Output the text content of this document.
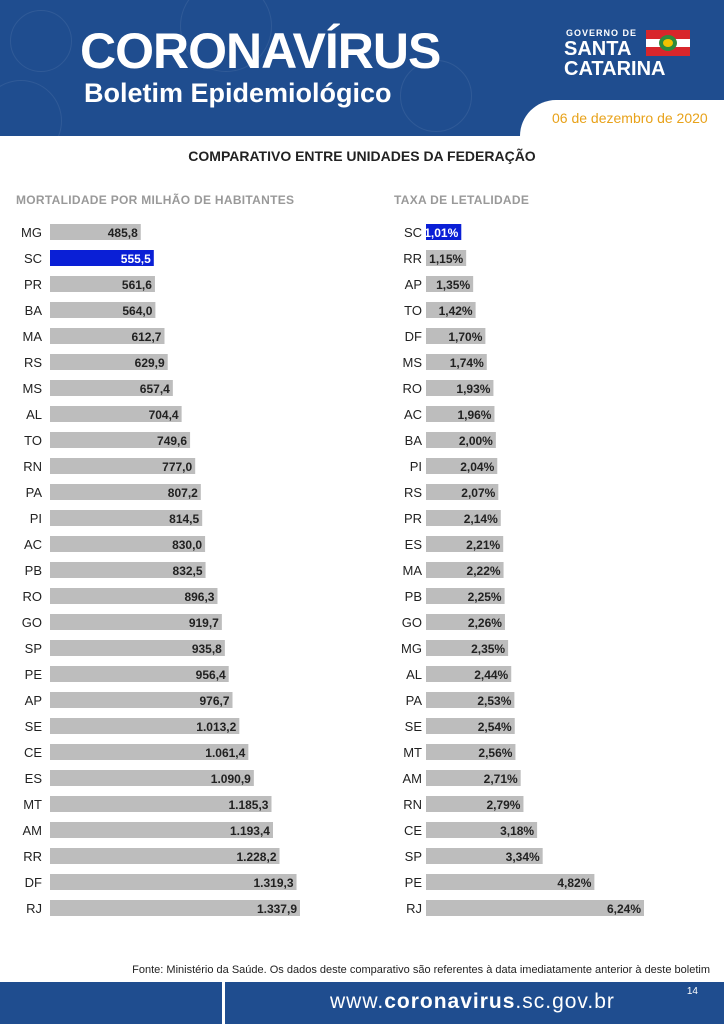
CORONAVÍRUS
Boletim Epidemiológico
GOVERNO DE
SANTA
CATARINA
06 de dezembro de 2020
COMPARATIVO ENTRE UNIDADES DA FEDERAÇÃO
MORTALIDADE POR MILHÃO DE HABITANTES	TAXA DE LETALIDADE
MG	485,8
SC	555,5
PR	561,6
BA	564,0
MA	612,7
RS	629,9
MS	657,4
AL	704,4
TO	749,6
RN	777,0
PA	807,2
PI	814,5
AC	830,0
PB	832,5
RO	896,3
GO	919,7
SP	935,8
PE	956,4
AP	976,7
SE	1.013,2
CE	1.061,4
ES	1.090,9
MT	1.185,3
AM	1.193,4
RR	1.228,2
DF	1.319,3
RJ	1.337,9
SC 1,01%
RR 1,15%
AP 1,35%
TO 1,42%
DF 1,70%
MS 1,74%
RO	1,93%
AC	1,96%
BA	2,00%
PI	2,04%
RS	2,07%
PR	2,14%
ES	2,21%
MA	2,22%
PB	2,25%
GO	2,26%
MG	2,35%
AL	2,44%
PA	2,53%
SE	2,54%
MT	2,56%
AM	2,71%
RN	2,79%
CE	3,18%
SP	3,34%
PE	4,82%
RJ	6,24%
Fonte: Ministério da Saúde. Os dados deste comparativo são referentes à data imediatamente anterior à deste boletim
www.coronavirus.sc.gov.br	14
